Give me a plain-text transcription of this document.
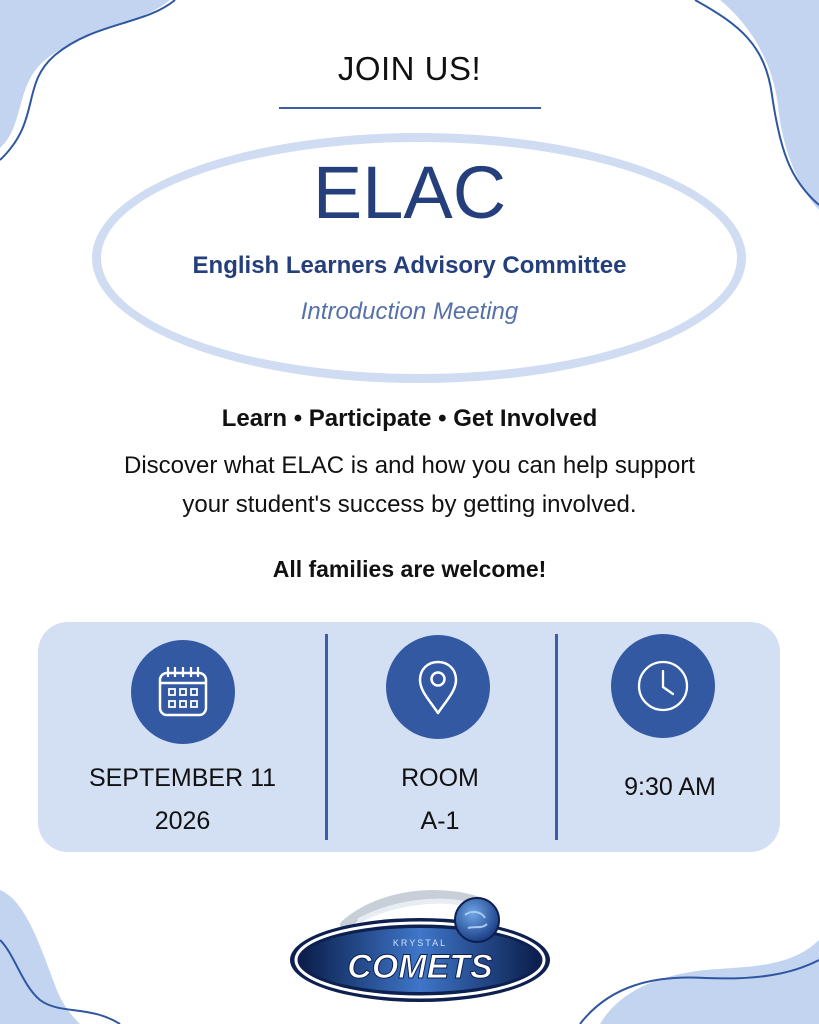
JOIN US!
ELAC
English Learners Advisory Committee
Introduction Meeting
Learn • Participate • Get Involved
Discover what ELAC is and how you can help support
your student's success by getting involved.
All families are welcome!
SEPTEMBER 11
2026
ROOM
A-1
9:30 AM
KRYSTAL
COMETS
